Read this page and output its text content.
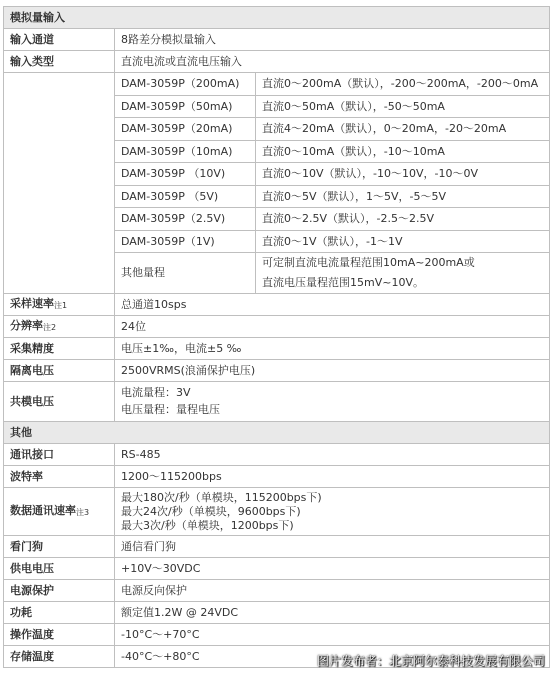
模拟量输入		
输入通道	8路差分模拟量输入	
输入类型	直流电流或直流电压输入	
	DAM-3059P（200mA)	直流0～200mA（默认），-200～200mA，-200～0mA
	DAM-3059P（50mA)	直流0～50mA（默认），-50～50mA
	DAM-3059P（20mA)	直流4～20mA（默认），0～20mA，-20～20mA
	DAM-3059P（10mA)	直流0～10mA（默认），-10～10mA
	DAM-3059P （10V)	直流0～10V（默认），-10～10V，-10～0V
	DAM-3059P （5V)	直流0～5V（默认），1～5V，-5～5V
	DAM-3059P（2.5V)	直流0～2.5V（默认），-2.5～2.5V
	DAM-3059P（1V)	直流0～1V（默认），-1～1V
	其他量程	可定制直流电流量程范围10mA~200mA或
直流电压量程范围15mV~10V。

采样速率注1	总通道10sps	
分辨率注2	24位	
采集精度	电压±1‰，电流±5 ‰	
隔离电压	2500VRMS(浪涌保护电压)	
共模电压	电流量程：3V
电压量程：量程电压	

其他		
通讯接口	RS-485	
波特率	1200～115200bps	
数据通讯速率注3	最大180次/秒（单模块，115200bps下)
最大24次/秒（单模块，9600bps下)
最大3次/秒（单模块，1200bps下)	

看门狗	通信看门狗	
供电电压	+10V～30VDC	
电源保护	电源反向保护	
功耗	额定值1.2W @ 24VDC	
操作温度	-10°C～+70°C	
存储温度	-40°C～+80°C		图片发布者：北京阿尔泰科技发展有限公司
